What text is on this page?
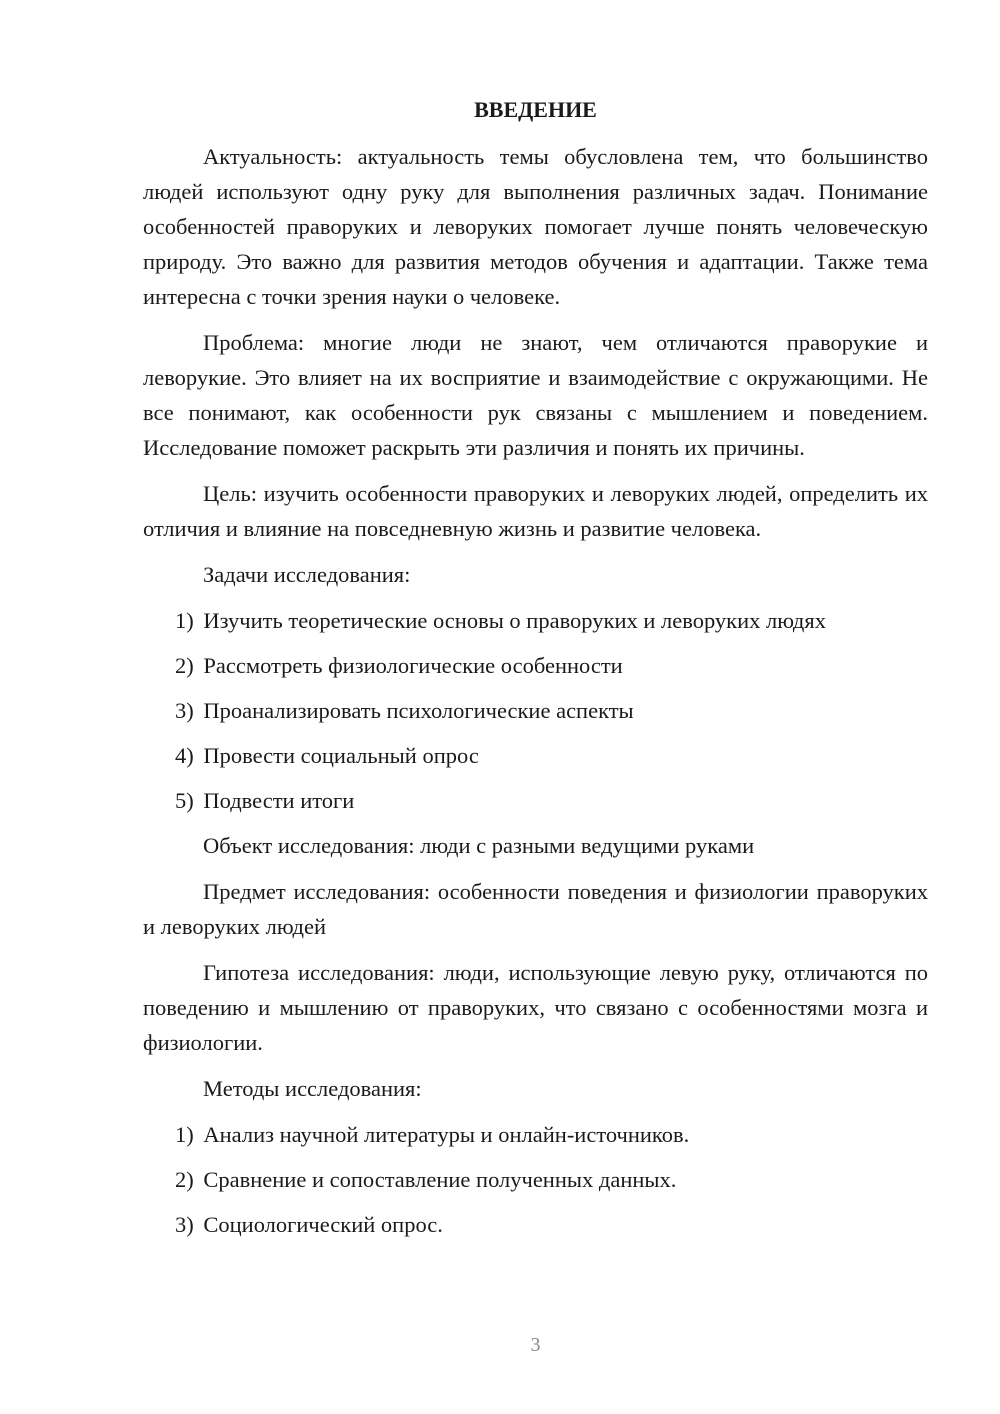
ВВЕДЕНИЕ

Актуальность: актуальность темы обусловлена тем, что большинство людей используют одну руку для выполнения различных задач. Понимание особенностей праворуких и леворуких помогает лучше понять человеческую природу. Это важно для развития методов обучения и адаптации. Также тема интересна с точки зрения науки о человеке.

Проблема: многие люди не знают, чем отличаются праворукие и леворукие. Это влияет на их восприятие и взаимодействие с окружающими. Не все понимают, как особенности рук связаны с мышлением и поведением. Исследование поможет раскрыть эти различия и понять их причины.

Цель: изучить особенности праворуких и леворуких людей, определить их отличия и влияние на повседневную жизнь и развитие человека.

Задачи исследования:

1) Изучить теоретические основы о праворуких и леворуких людях
2) Рассмотреть физиологические особенности
3) Проанализировать психологические аспекты
4) Провести социальный опрос
5) Подвести итоги

Объект исследования: люди с разными ведущими руками

Предмет исследования: особенности поведения и физиологии праворуких и леворуких людей

Гипотеза исследования: люди, использующие левую руку, отличаются по поведению и мышлению от праворуких, что связано с особенностями мозга и физиологии.

Методы исследования:

1) Анализ научной литературы и онлайн-источников.
2) Сравнение и сопоставление полученных данных.
3) Социологический опрос.
3
